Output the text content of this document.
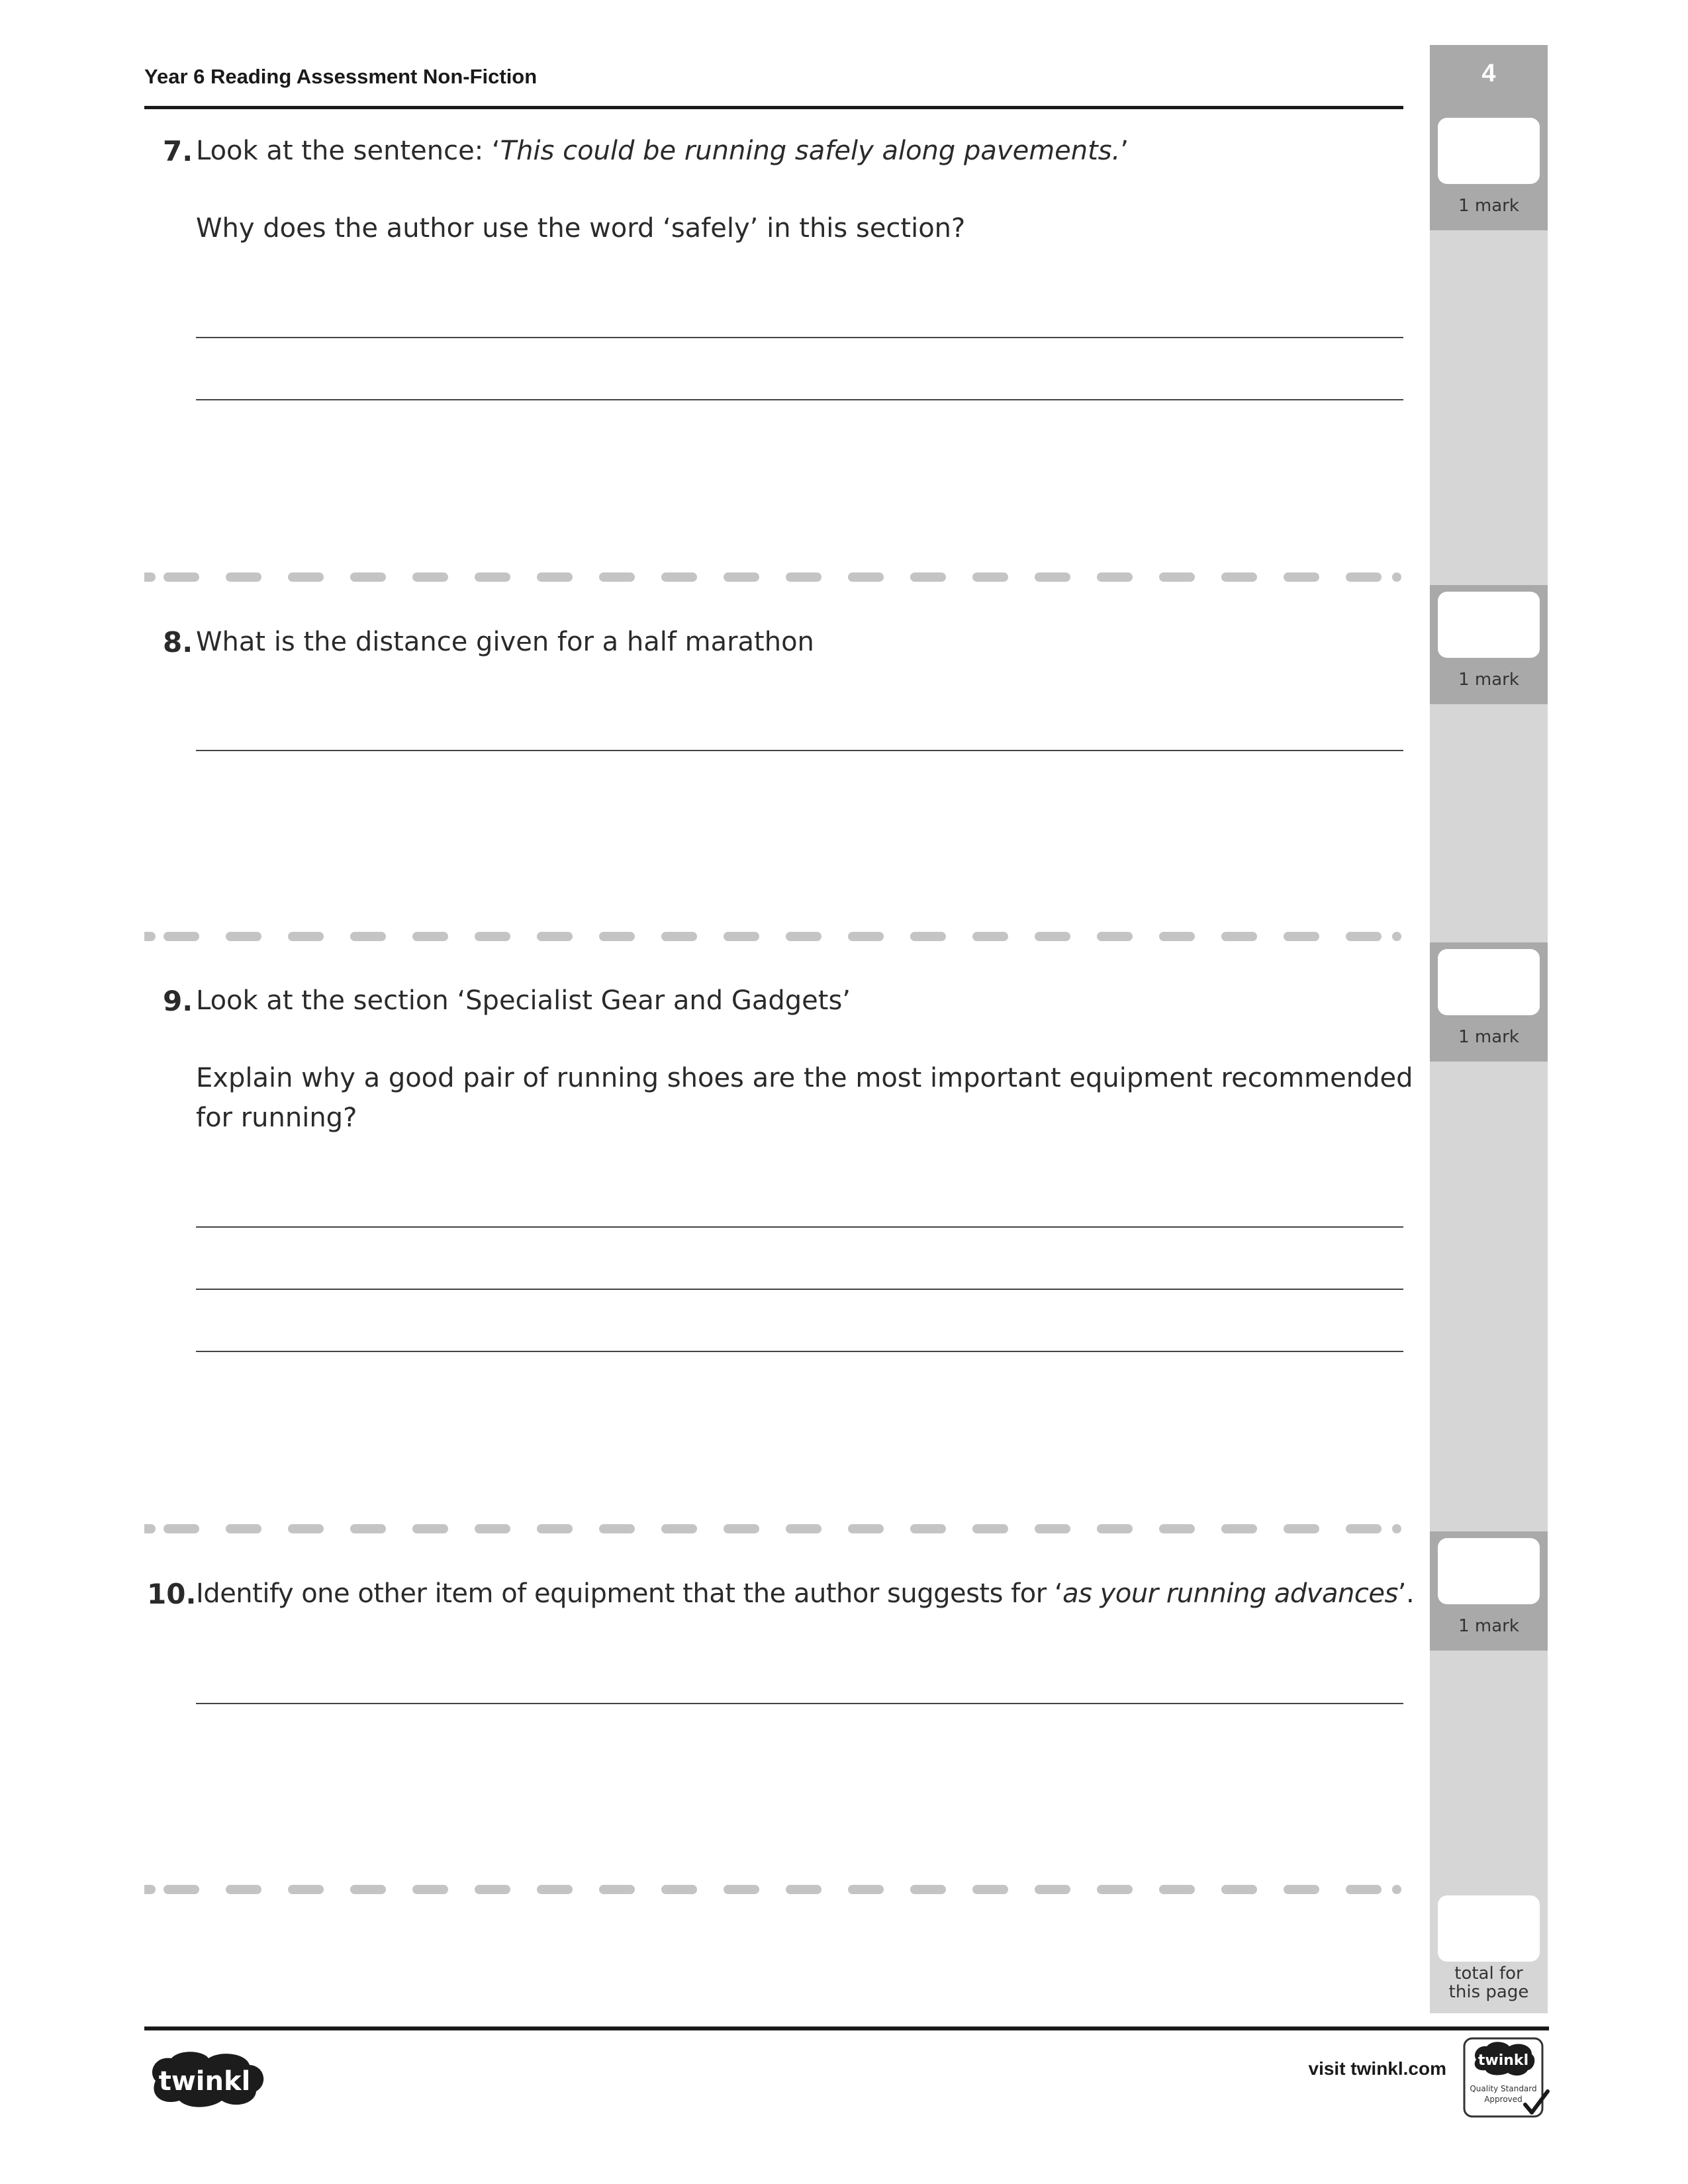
Year 6 Reading Assessment Non-Fiction	4
1 mark
1 mark
1 mark
1 mark
total for
this page
7. Look at the sentence: ‘This could be running safely along pavements.’
Why does the author use the word ‘safely’ in this section?
8. What is the distance given for a half marathon
9. Look at the section ‘Specialist Gear and Gadgets’
Explain why a good pair of running shoes are the most important equipment recommended
for running?
10. Identify one other item of equipment that the author suggests for ‘as your running advances’.
twinkl	visit twinkl.com twinkl
Quality Standard
Approved
